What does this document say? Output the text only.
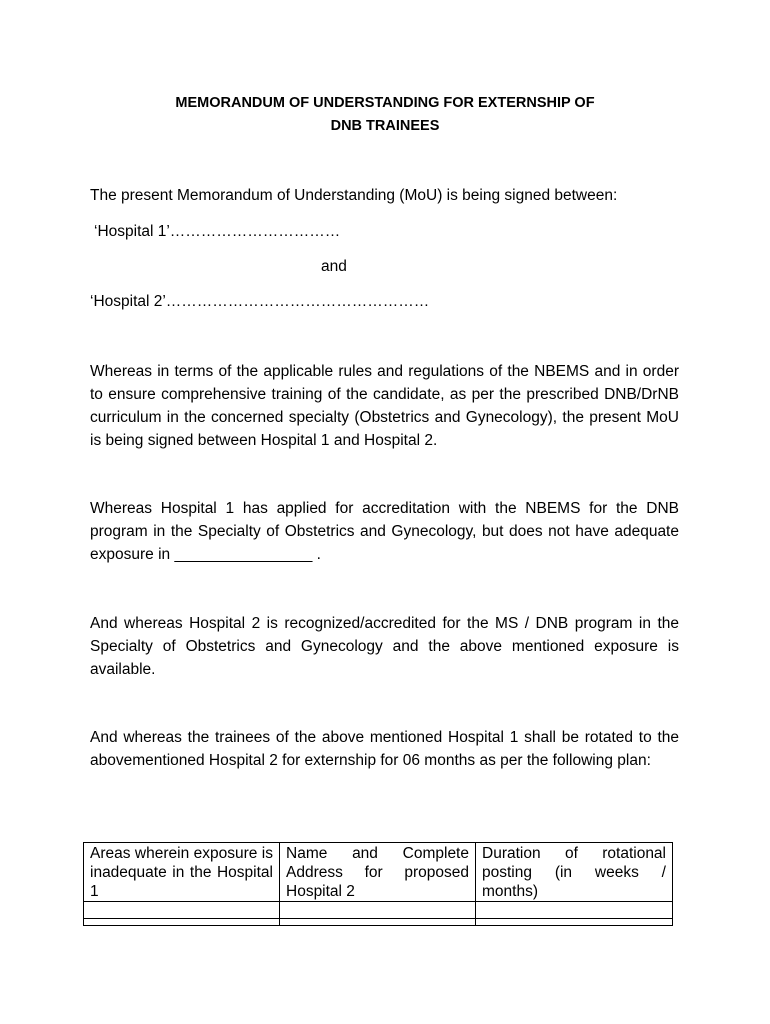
MEMORANDUM OF UNDERSTANDING FOR EXTERNSHIP OF
DNB TRAINEES
The present Memorandum of Understanding (MoU) is being signed between:
‘Hospital 1’……………………………
and
‘Hospital 2’……………………………………………
Whereas in terms of the applicable rules and regulations of the NBEMS and in order to ensure comprehensive training of the candidate, as per the prescribed DNB/DrNB curriculum in the concerned specialty (Obstetrics and Gynecology), the present MoU is being signed between Hospital 1 and Hospital 2.
Whereas Hospital 1 has applied for accreditation with the NBEMS for the DNB program in the Specialty of Obstetrics and Gynecology, but does not have adequate exposure in ________________ .
And whereas Hospital 2 is recognized/accredited for the MS / DNB program in the Specialty of Obstetrics and Gynecology and the above mentioned exposure is available.
And whereas the trainees of the above mentioned Hospital 1 shall be rotated to the abovementioned Hospital 2 for externship for 06 months as per the following plan:
Areas wherein exposure is inadequate in the Hospital 1	Name and Complete Address for proposed Hospital 2	Duration of rotational posting (in weeks / months)
